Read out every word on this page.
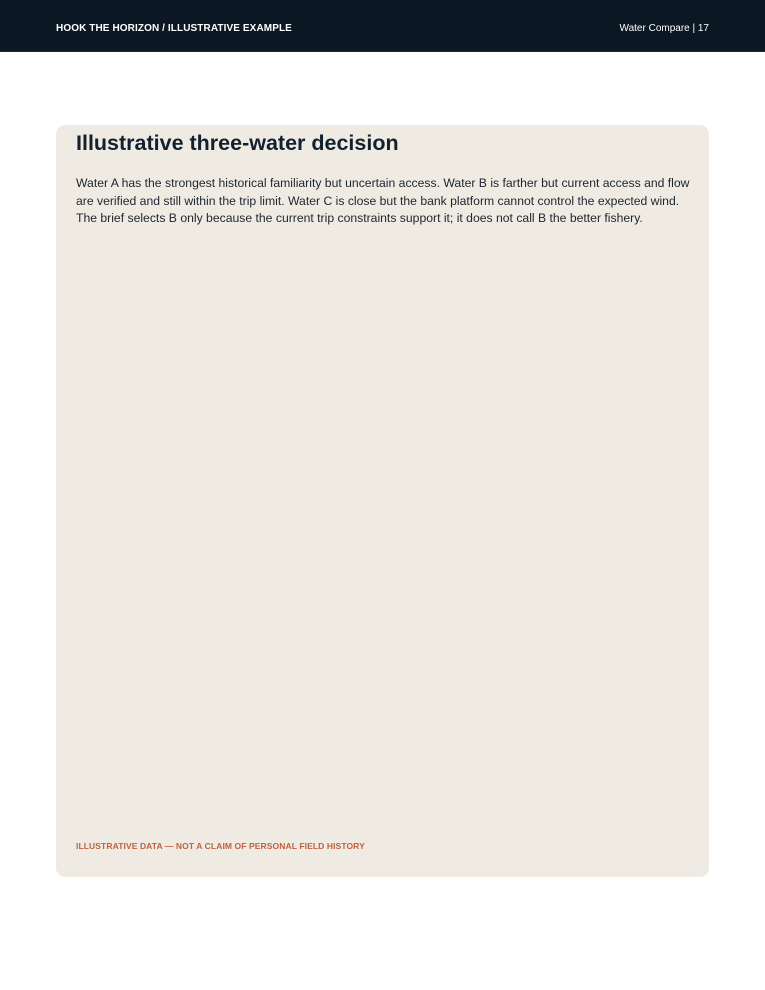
HOOK THE HORIZON / ILLUSTRATIVE EXAMPLE	Water Compare | 17
Illustrative three-water decision

Water A has the strongest historical familiarity but uncertain access. Water B is farther but current access and flow are verified and still within the trip limit. Water C is close but the bank platform cannot control the expected wind. The brief selects B only because the current trip constraints support it; it does not call B the better fishery.

ILLUSTRATIVE DATA — NOT A CLAIM OF PERSONAL FIELD HISTORY
